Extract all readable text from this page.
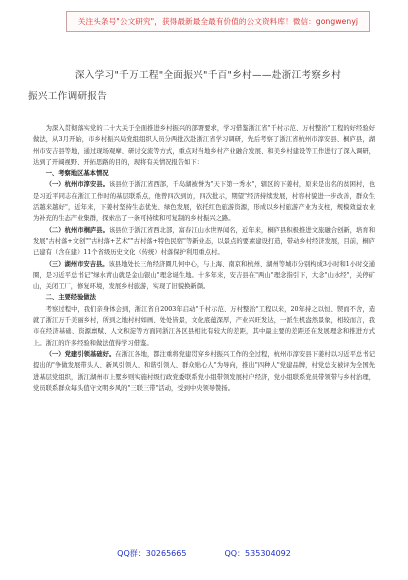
关注头条号"公文研究"，获得最新最全最有价值的公文资料库！微信：gongwenyj
深入学习"千万工程"全面振兴"千百"乡村——赴浙江考察乡村
振兴工作调研报告

为深入贯彻落实党的二十大关于全面推进乡村振兴的部署要求，学习借鉴浙江省"千村示范、万村整治"工程的好经验好做法，从3月开始，市乡村振兴局党组组织人员分两批次赴浙江省学习调研，先后考察了浙江省杭州市淳安县、桐庐县，湖州市安吉县等地，通过现场观摩、研讨交流等方式，重点对当地乡村产业融合发展、和美乡村建设等工作进行了深入调研，达到了开阔视野、开拓思路的目的，现将有关情况报告如下：

一、考察地区基本情况

（一）杭州市淳安县。该县位于浙江省西部，千岛湖被誉为"天下第一秀水"，辖区的下姜村，原来是出名的贫困村，也是习近平同志在浙江工作时的基层联系点，他曾四次到访，四次批示，期望"经济持续发展，村容村貌进一步改善，群众生活越来越好"，近年来，下姜村坚持生态优先、绿色发展，依托红色旅游资源，形成以乡村旅游产业为支柱，规模效益农业为补充的生态产业集群，探索出了一条可持续和可复制的乡村振兴之路。

（二）杭州市桐庐县。该县位于浙江省西北部，富春江山水世界闻名，近年来，桐庐县积极推进文旅融合创新，培育和发展"古村落+文创""古村落+艺术""古村落+特色民宿"等新业态，以景点的要素建设打造，带动乡村经济发展，目前，桐庐已建有（含在建）11个省级历史文化（传统）村落保护利用重点村。

（三）湖州市安吉县。该县地处长三角经济圈几何中心，与上海、南京和杭州、湖州等城市分别构成3小时和1小时交通圈，是习近平总书记"绿水青山就是金山银山"理念诞生地。十多年来，安吉县在"两山"理念指引下，大念"山水经"，关停矿山，关闭工厂，修复环境，发展乡村旅游，实现了旧貌换新颜。

二、主要经验做法

考察过程中，我们亲身体会到，浙江省自2003年启动"千村示范、万村整治"工程以来，20年持之以恒、锲而不舍，造就了浙江万千美丽乡村，所到之地村村如画、处处皆景，文化底蕴深厚，产业兴旺发达，一派生机盎然景象，相较而言，我市在经济基础、资源禀赋、人文积淀等方面同浙江各区县相比有较大的差距，其中最主要的差距还在发展理念和推进方式上。浙江的许多经验和做法值得学习借鉴。

（一）党建引领基础好。在浙江各地，都注重将党建贯穿乡村振兴工作的全过程，杭州市淳安县下姜村以习近平总书记提出的"争做发展带头人、新风引领人、和谐引领人、群众贴心人"为导向，推出"四种人"党建品牌，村党总支被评为全国先进基层党组织，浙江湖州市上墅乡则实施村级行政党委联系党小组带领发展村户经济，党小组联系党员带领带与乡村治理，党员联系群众每头值守文明乡风的"三联三带"活动，受到中央领导赞扬。

QQ群：30265665	QQ：535304092
